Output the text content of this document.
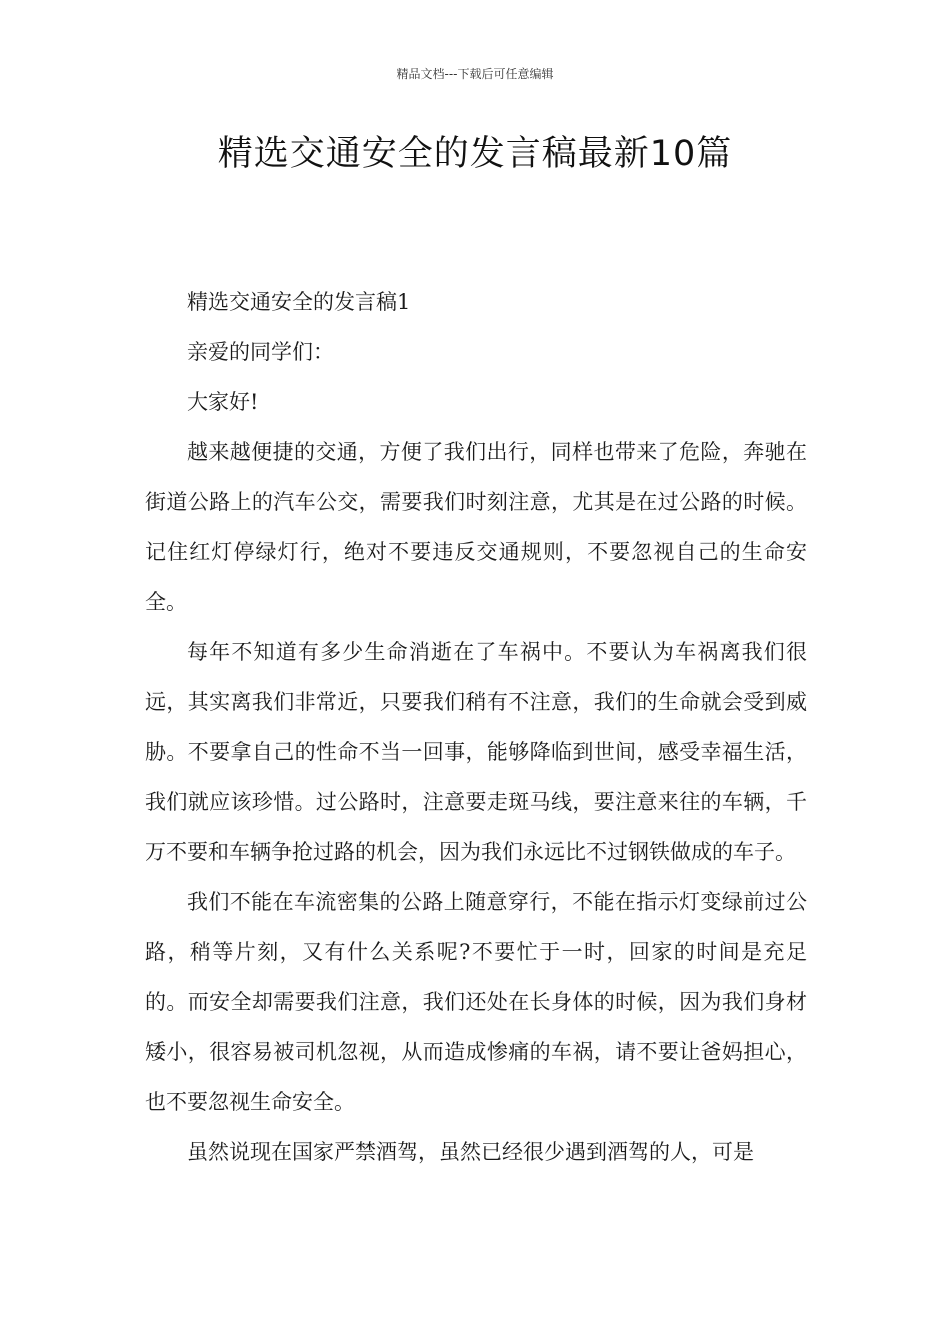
精品文档---下载后可任意编辑
精选交通安全的发言稿最新10篇

精选交通安全的发言稿1

亲爱的同学们：

大家好!

越来越便捷的交通，方便了我们出行，同样也带来了危险，奔驰在街道公路上的汽车公交，需要我们时刻注意，尤其是在过公路的时候。记住红灯停绿灯行，绝对不要违反交通规则，不要忽视自己的生命安全。

每年不知道有多少生命消逝在了车祸中。不要认为车祸离我们很远，其实离我们非常近，只要我们稍有不注意，我们的生命就会受到威胁。不要拿自己的性命不当一回事，能够降临到世间，感受幸福生活，我们就应该珍惜。过公路时，注意要走斑马线，要注意来往的车辆，千万不要和车辆争抢过路的机会，因为我们永远比不过钢铁做成的车子。

我们不能在车流密集的公路上随意穿行，不能在指示灯变绿前过公路，稍等片刻，又有什么关系呢?不要忙于一时，回家的时间是充足的。而安全却需要我们注意，我们还处在长身体的时候，因为我们身材矮小，很容易被司机忽视，从而造成惨痛的车祸，请不要让爸妈担心，也不要忽视生命安全。

虽然说现在国家严禁酒驾，虽然已经很少遇到酒驾的人，可是
